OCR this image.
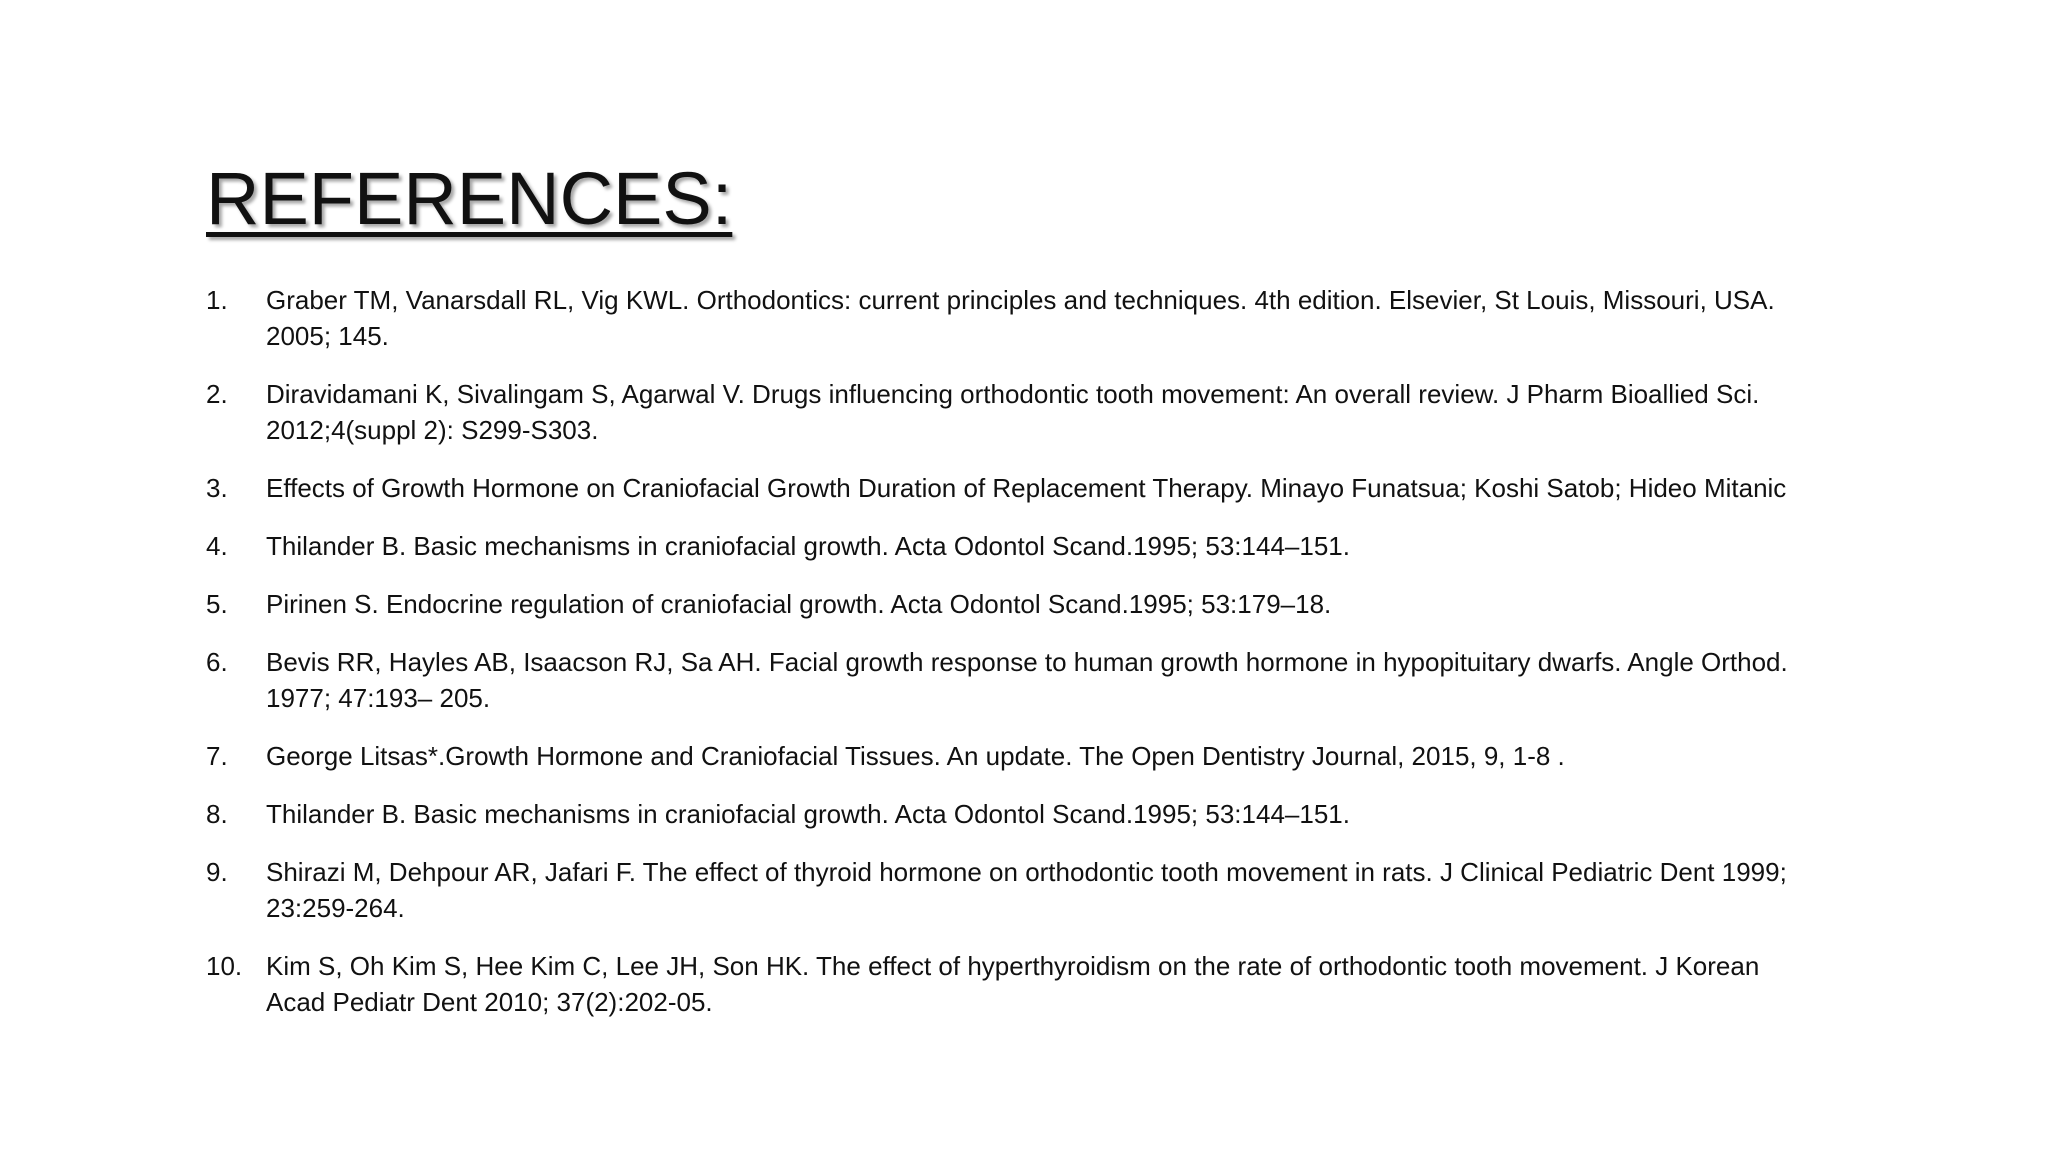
REFERENCES:
1.	Graber TM, Vanarsdall RL, Vig KWL. Orthodontics: current principles and techniques. 4th edition. Elsevier, St Louis, Missouri, USA. 2005; 145.
2.	Diravidamani K, Sivalingam S, Agarwal V. Drugs influencing orthodontic tooth movement: An overall review. J Pharm Bioallied Sci. 2012;4(suppl 2): S299-S303.
3.	Effects of Growth Hormone on Craniofacial Growth Duration of Replacement Therapy. Minayo Funatsua; Koshi Satob; Hideo Mitanic
4.	Thilander B. Basic mechanisms in craniofacial growth. Acta Odontol Scand.1995; 53:144–151.
5.	Pirinen S. Endocrine regulation of craniofacial growth. Acta Odontol Scand.1995; 53:179–18.
6.	Bevis RR, Hayles AB, Isaacson RJ, Sa AH. Facial growth response to human growth hormone in hypopituitary dwarfs. Angle Orthod. 1977; 47:193– 205.
7.	George Litsas*.Growth Hormone and Craniofacial Tissues. An update. The Open Dentistry Journal, 2015, 9, 1-8 .
8.	Thilander B. Basic mechanisms in craniofacial growth. Acta Odontol Scand.1995; 53:144–151.
9.	Shirazi M, Dehpour AR, Jafari F. The effect of thyroid hormone on orthodontic tooth movement in rats. J Clinical Pediatric Dent 1999; 23:259-264.
10. Kim S, Oh Kim S, Hee Kim C, Lee JH, Son HK. The effect of hyperthyroidism on the rate of orthodontic tooth movement. J Korean Acad Pediatr Dent 2010; 37(2):202-05.
